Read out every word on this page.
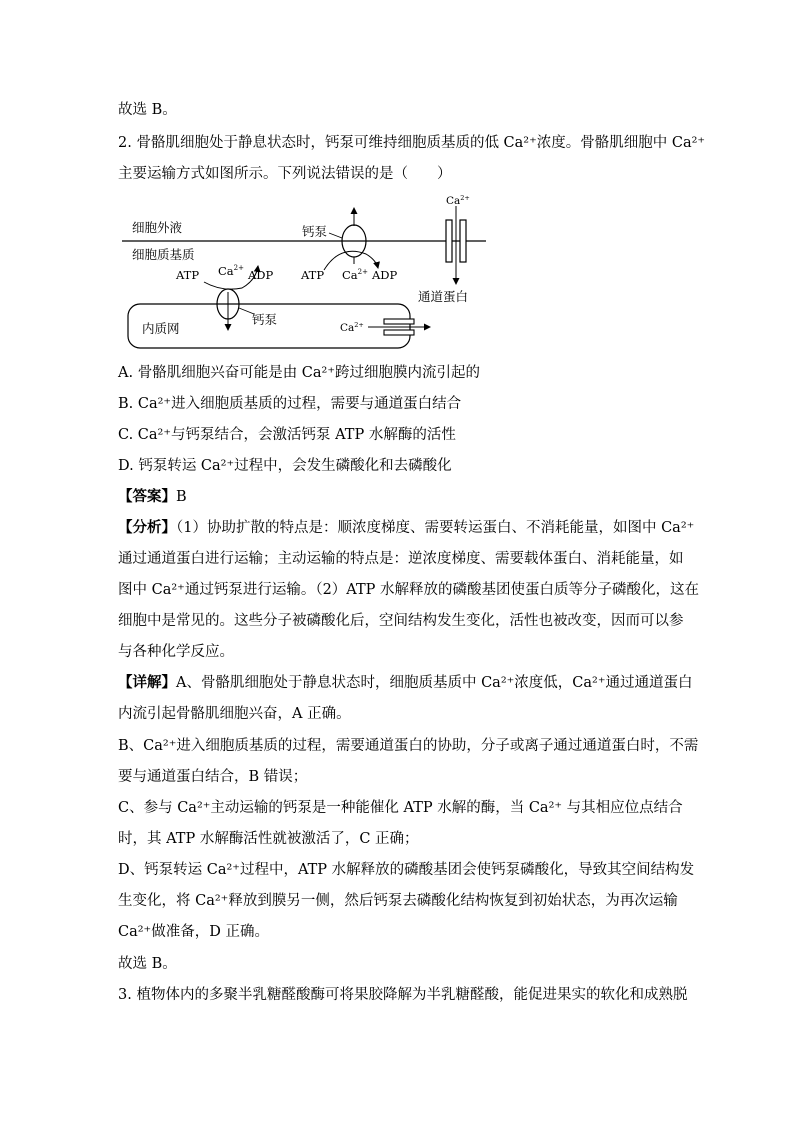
故选 B。
2. 骨骼肌细胞处于静息状态时，钙泵可维持细胞质基质的低 Ca²⁺浓度。骨骼肌细胞中 Ca²⁺
主要运输方式如图所示。下列说法错误的是（　　）
细胞外液
细胞质基质
钙泵
ATP $Ca^{2+}$ ADP
$Ca^{2+}$
通道蛋白
内质网
ATP $Ca^{2+}$ ADP
钙泵
$Ca^{2+}$
A. 骨骼肌细胞兴奋可能是由 Ca²⁺跨过细胞膜内流引起的
B. Ca²⁺进入细胞质基质的过程，需要与通道蛋白结合
C. Ca²⁺与钙泵结合，会激活钙泵 ATP 水解酶的活性
D. 钙泵转运 Ca²⁺过程中，会发生磷酸化和去磷酸化
【答案】B
【分析】（1）协助扩散的特点是：顺浓度梯度、需要转运蛋白、不消耗能量，如图中 Ca²⁺
通过通道蛋白进行运输；主动运输的特点是：逆浓度梯度、需要载体蛋白、消耗能量，如
图中 Ca²⁺通过钙泵进行运输。（2）ATP 水解释放的磷酸基团使蛋白质等分子磷酸化，这在
细胞中是常见的。这些分子被磷酸化后，空间结构发生变化，活性也被改变，因而可以参
与各种化学反应。
【详解】A、骨骼肌细胞处于静息状态时，细胞质基质中 Ca²⁺浓度低，Ca²⁺通过通道蛋白
内流引起骨骼肌细胞兴奋，A 正确。
B、Ca²⁺进入细胞质基质的过程，需要通道蛋白的协助，分子或离子通过通道蛋白时，不需
要与通道蛋白结合，B 错误；
C、参与 Ca²⁺主动运输的钙泵是一种能催化 ATP 水解的酶，当 Ca²⁺ 与其相应位点结合
时，其 ATP 水解酶活性就被激活了，C 正确；
D、钙泵转运 Ca²⁺过程中，ATP 水解释放的磷酸基团会使钙泵磷酸化，导致其空间结构发
生变化，将 Ca²⁺释放到膜另一侧，然后钙泵去磷酸化结构恢复到初始状态，为再次运输
Ca²⁺做准备，D 正确。
故选 B。
3. 植物体内的多聚半乳糖醛酸酶可将果胶降解为半乳糖醛酸，能促进果实的软化和成熟脱
